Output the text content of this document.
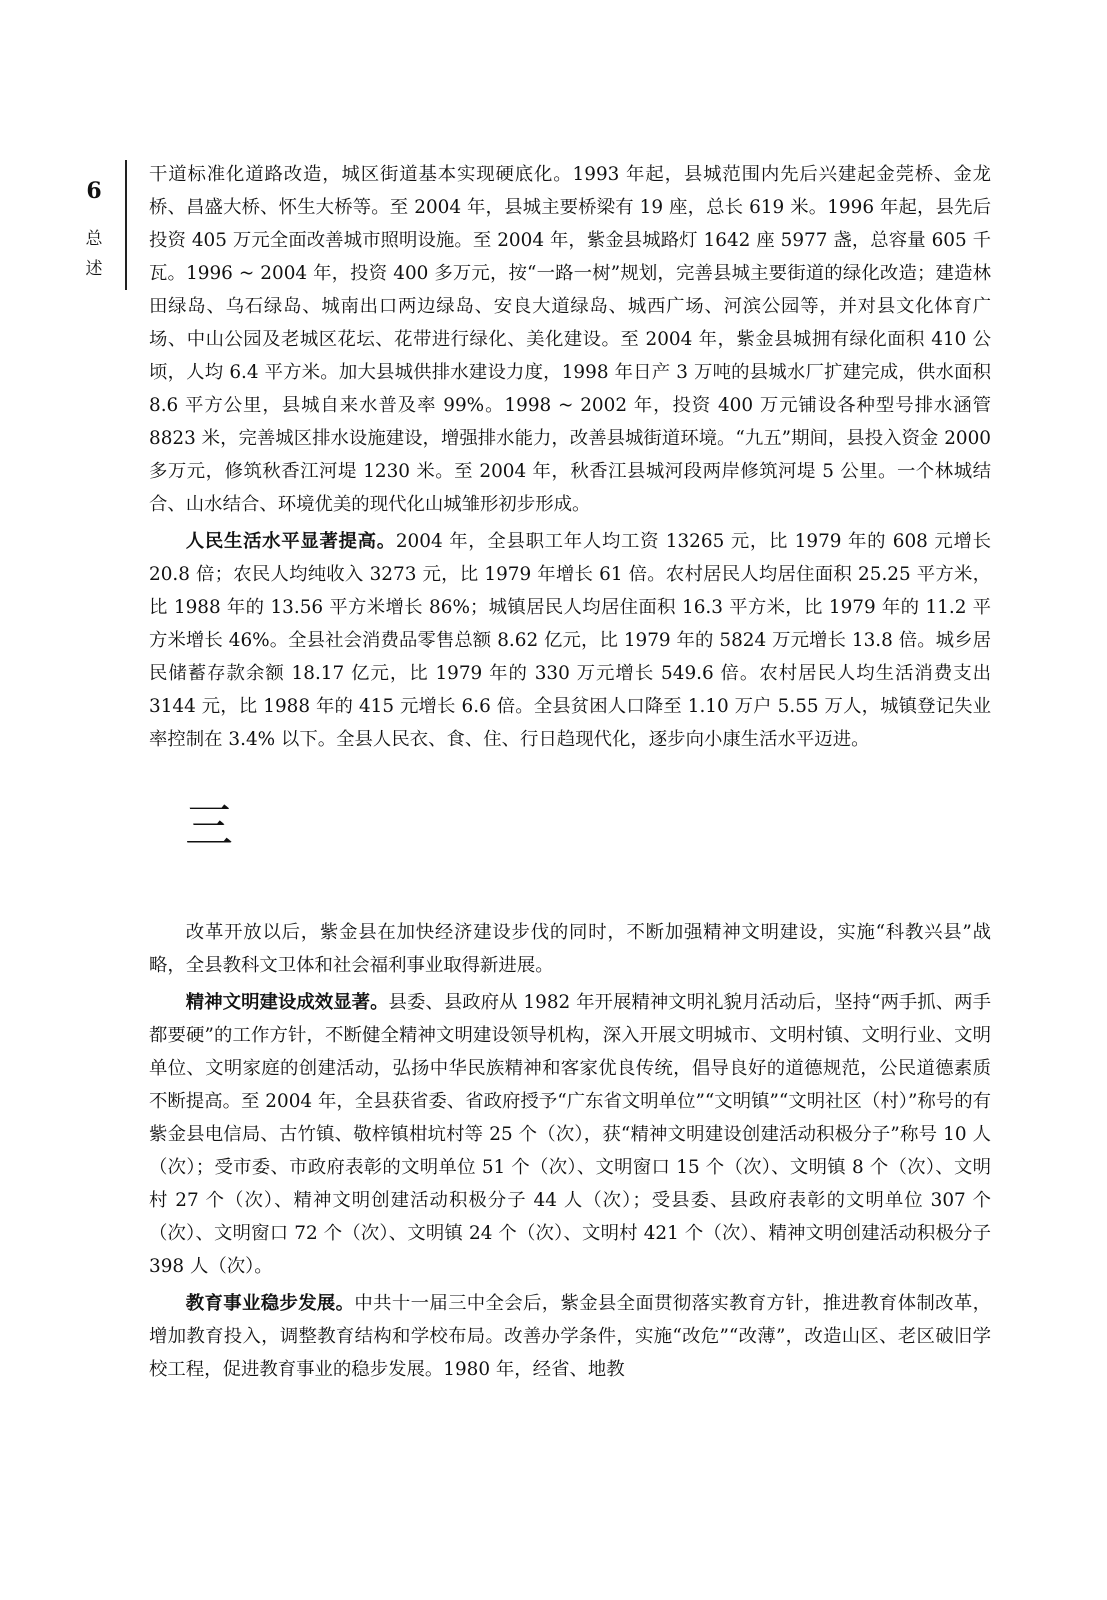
6
总
述

干道标准化道路改造，城区街道基本实现硬底化。1993 年起，县城范围内先后兴建起金莞桥、金龙桥、昌盛大桥、怀生大桥等。至 2004 年，县城主要桥梁有 19 座，总长 619 米。1996 年起，县先后投资 405 万元全面改善城市照明设施。至 2004 年，紫金县城路灯 1642 座 5977 盏，总容量 605 千瓦。1996 ~ 2004 年，投资 400 多万元，按“一路一树”规划，完善县城主要街道的绿化改造；建造林田绿岛、乌石绿岛、城南出口两边绿岛、安良大道绿岛、城西广场、河滨公园等，并对县文化体育广场、中山公园及老城区花坛、花带进行绿化、美化建设。至 2004 年，紫金县城拥有绿化面积 410 公顷，人均 6.4 平方米。加大县城供排水建设力度，1998 年日产 3 万吨的县城水厂扩建完成，供水面积 8.6 平方公里，县城自来水普及率 99%。1998 ~ 2002 年，投资 400 万元铺设各种型号排水涵管 8823 米，完善城区排水设施建设，增强排水能力，改善县城街道环境。“九五”期间，县投入资金 2000 多万元，修筑秋香江河堤 1230 米。至 2004 年，秋香江县城河段两岸修筑河堤 5 公里。一个林城结合、山水结合、环境优美的现代化山城雏形初步形成。

人民生活水平显著提高。2004 年，全县职工年人均工资 13265 元，比 1979 年的 608 元增长 20.8 倍；农民人均纯收入 3273 元，比 1979 年增长 61 倍。农村居民人均居住面积 25.25 平方米，比 1988 年的 13.56 平方米增长 86%；城镇居民人均居住面积 16.3 平方米，比 1979 年的 11.2 平方米增长 46%。全县社会消费品零售总额 8.62 亿元，比 1979 年的 5824 万元增长 13.8 倍。城乡居民储蓄存款余额 18.17 亿元，比 1979 年的 330 万元增长 549.6 倍。农村居民人均生活消费支出 3144 元，比 1988 年的 415 元增长 6.6 倍。全县贫困人口降至 1.10 万户 5.55 万人，城镇登记失业率控制在 3.4% 以下。全县人民衣、食、住、行日趋现代化，逐步向小康生活水平迈进。

三

改革开放以后，紫金县在加快经济建设步伐的同时，不断加强精神文明建设，实施“科教兴县”战略，全县教科文卫体和社会福利事业取得新进展。

精神文明建设成效显著。县委、县政府从 1982 年开展精神文明礼貌月活动后，坚持“两手抓、两手都要硬”的工作方针，不断健全精神文明建设领导机构，深入开展文明城市、文明村镇、文明行业、文明单位、文明家庭的创建活动，弘扬中华民族精神和客家优良传统，倡导良好的道德规范，公民道德素质不断提高。至 2004 年，全县获省委、省政府授予“广东省文明单位”“文明镇”“文明社区（村）”称号的有紫金县电信局、古竹镇、敬梓镇柑坑村等 25 个（次），获“精神文明建设创建活动积极分子”称号 10 人（次）；受市委、市政府表彰的文明单位 51 个（次）、文明窗口 15 个（次）、文明镇 8 个（次）、文明村 27 个（次）、精神文明创建活动积极分子 44 人（次）；受县委、县政府表彰的文明单位 307 个（次）、文明窗口 72 个（次）、文明镇 24 个（次）、文明村 421 个（次）、精神文明创建活动积极分子 398 人（次）。

教育事业稳步发展。中共十一届三中全会后，紫金县全面贯彻落实教育方针，推进教育体制改革，增加教育投入，调整教育结构和学校布局。改善办学条件，实施“改危”“改薄”，改造山区、老区破旧学校工程，促进教育事业的稳步发展。1980 年，经省、地教
